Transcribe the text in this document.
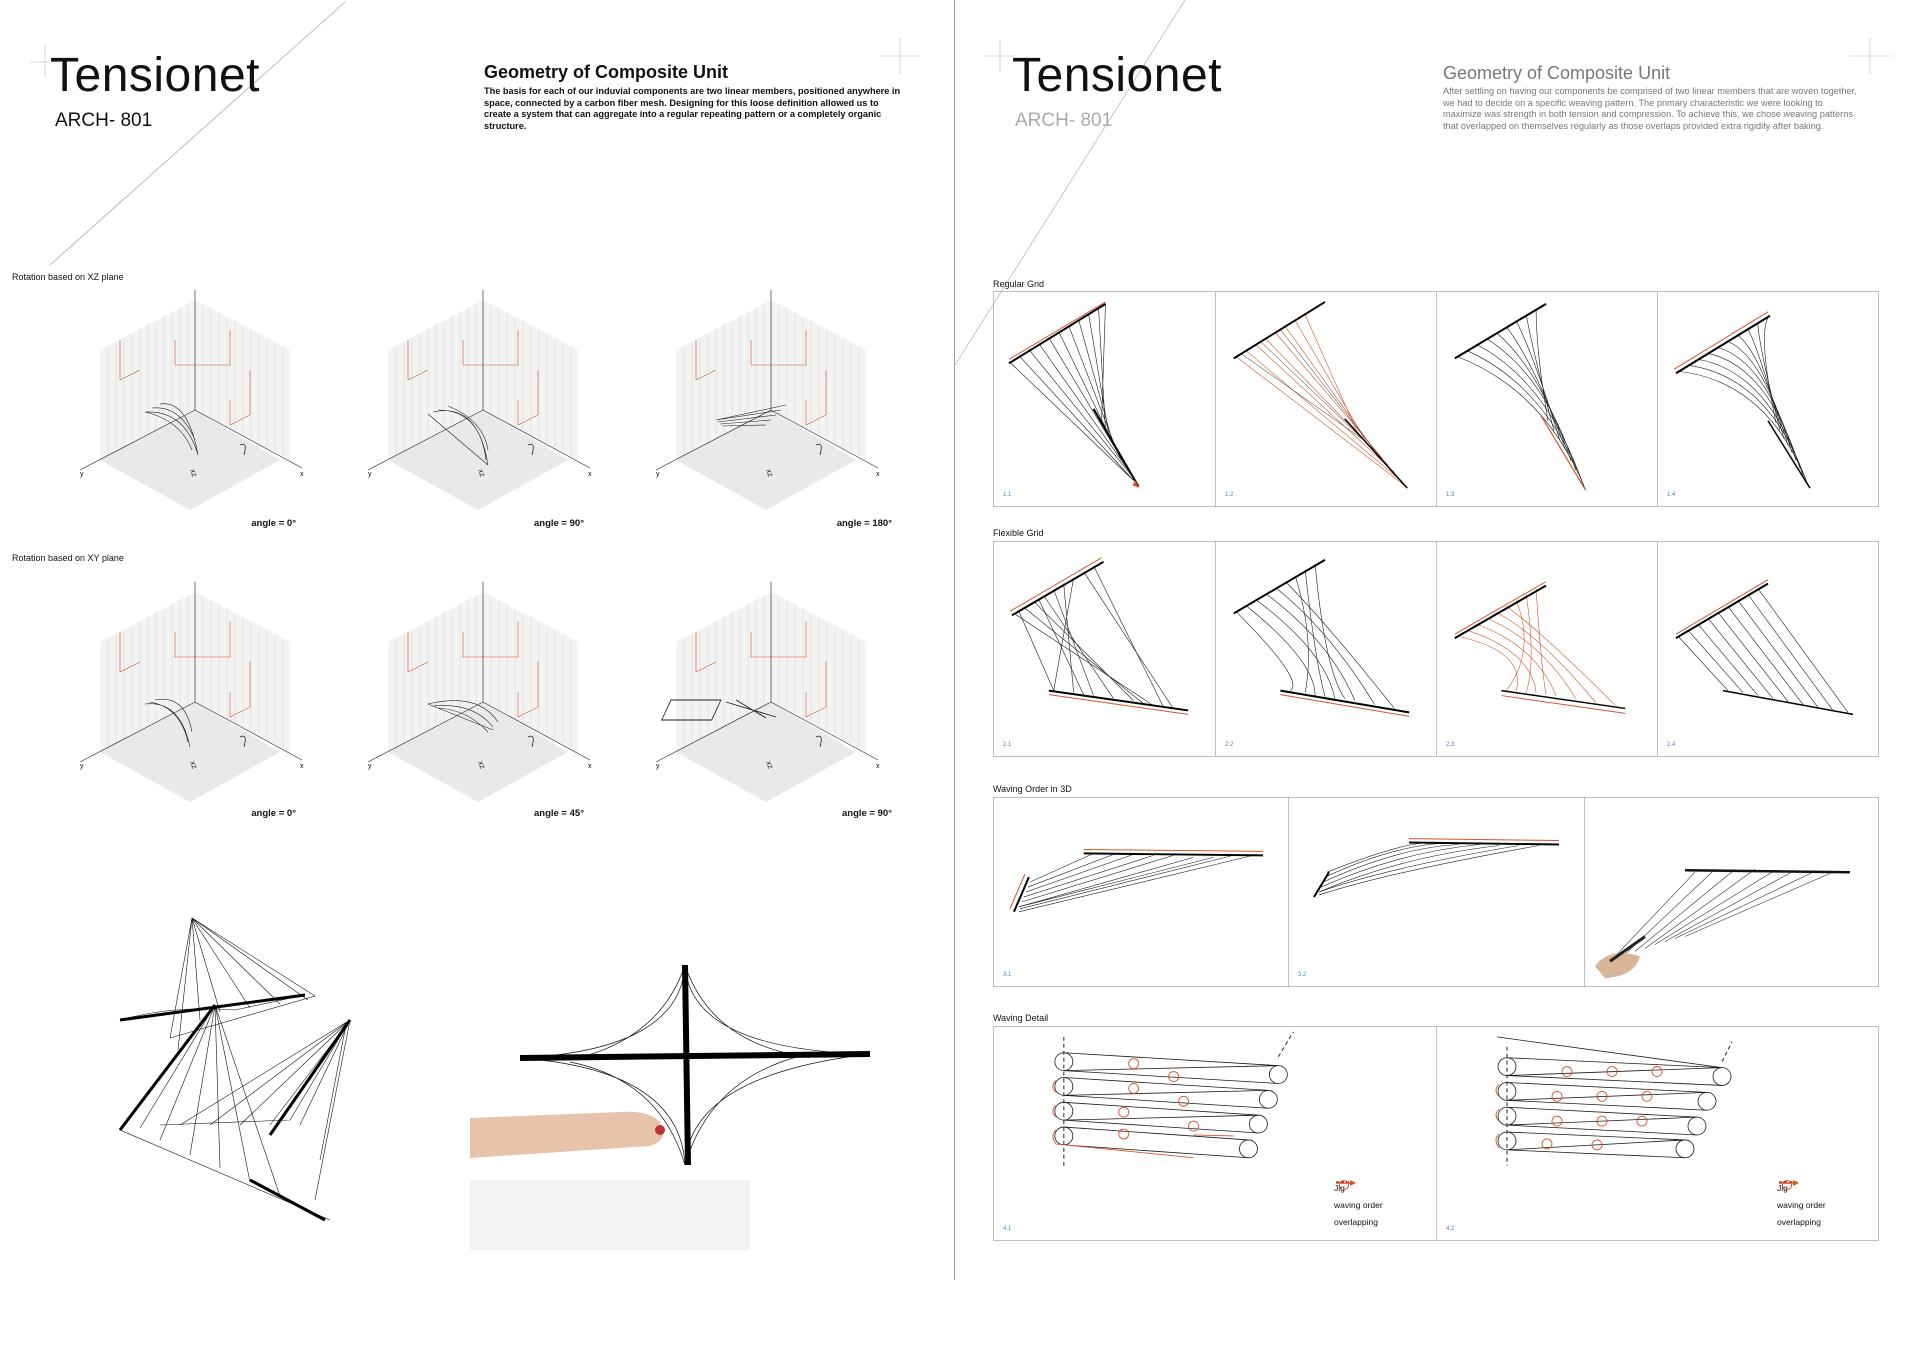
Tensionet
ARCH- 801
Geometry of Composite Unit
The basis for each of our induvial components are two linear members, positioned anywhere in space, connected by a carbon fiber mesh. Designing for this loose definition allowed us to create a system that can aggregate into a regular repeating pattern or a completely organic structure.
Rotation based on XZ plane
Rotation based on XY plane
angle = 0°	angle = 90°	angle = 180°
angle = 0°	angle = 45°	angle = 90°
Tensionet
ARCH- 801
Geometry of Composite Unit
After settling on having our components be comprised of two linear members that are woven together, we had to decide on a specific weaving pattern. The primary characteristic we were looking to maximize was strength in both tension and compression. To achieve this, we chose weaving patterns that overlapped on themselves regularly as those overlaps provided extra rigidity after baking.
Regular Grid
1.1	1.2	1.3	1.4
Flexible Grid
2.1	2.2	2.3	2.4
Waving Order in 3D
3.1	3.2
Waving Detail
4.1
Jig
waving order
overlapping
4.2
Jig
waving order
overlapping
